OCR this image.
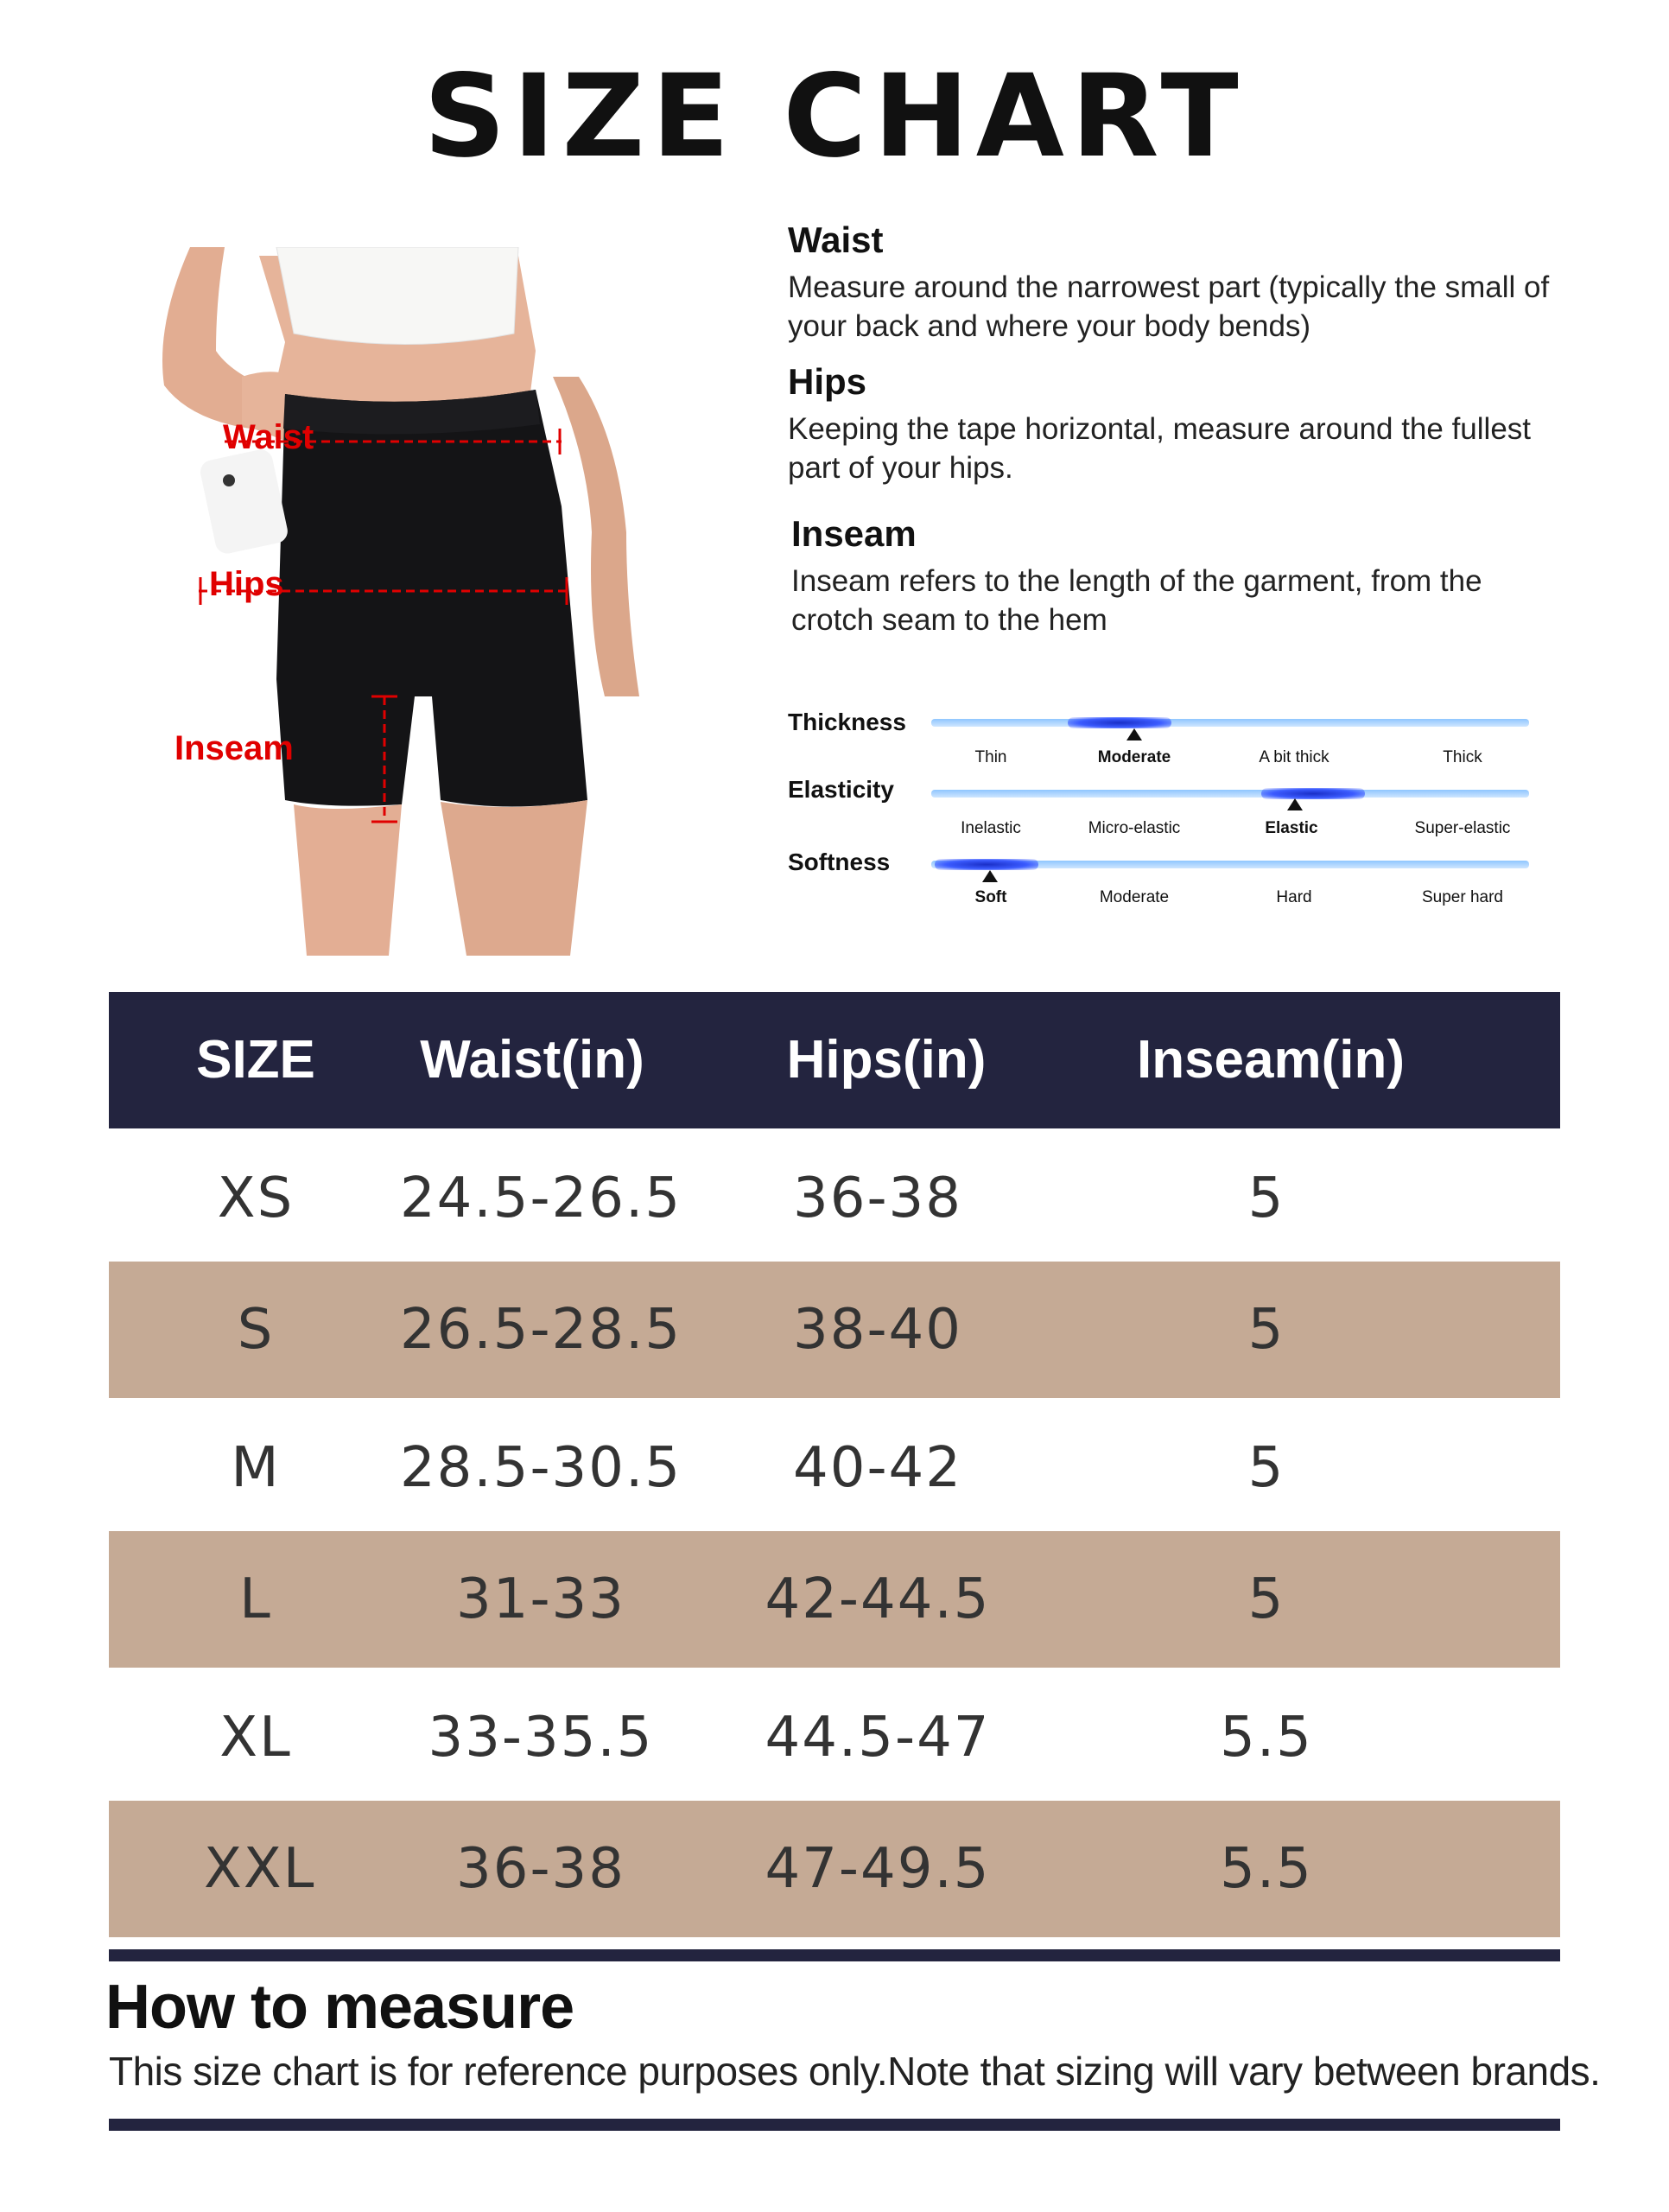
SIZE CHART
Waist
Hips
Inseam
Waist

Measure around the narrowest part (typically the small of your back and where your body bends)

Hips

Keeping the tape horizontal, measure around the fullest part of your hips.

Inseam

Inseam refers to the length of the garment, from the crotch seam to the hem

Thickness
Thin	Moderate	A bit thick	Thick
Elasticity
Inelastic	Micro-elastic	Elastic	Super-elastic
Softness
Soft	Moderate	Hard	Super hard
SIZE	Waist(in)	Hips(in)	Inseam(in)
XS 24.5-26.5	36-38	5
S	26.5-28.5	38-40	5
M	28.5-30.5	40-42	5
L	31-33	42-44.5	5
XL	33-35.5	44.5-47	5.5
XXL	36-38	47-49.5	5.5
How to measure

This size chart is for reference purposes only.Note that sizing will vary between brands.
